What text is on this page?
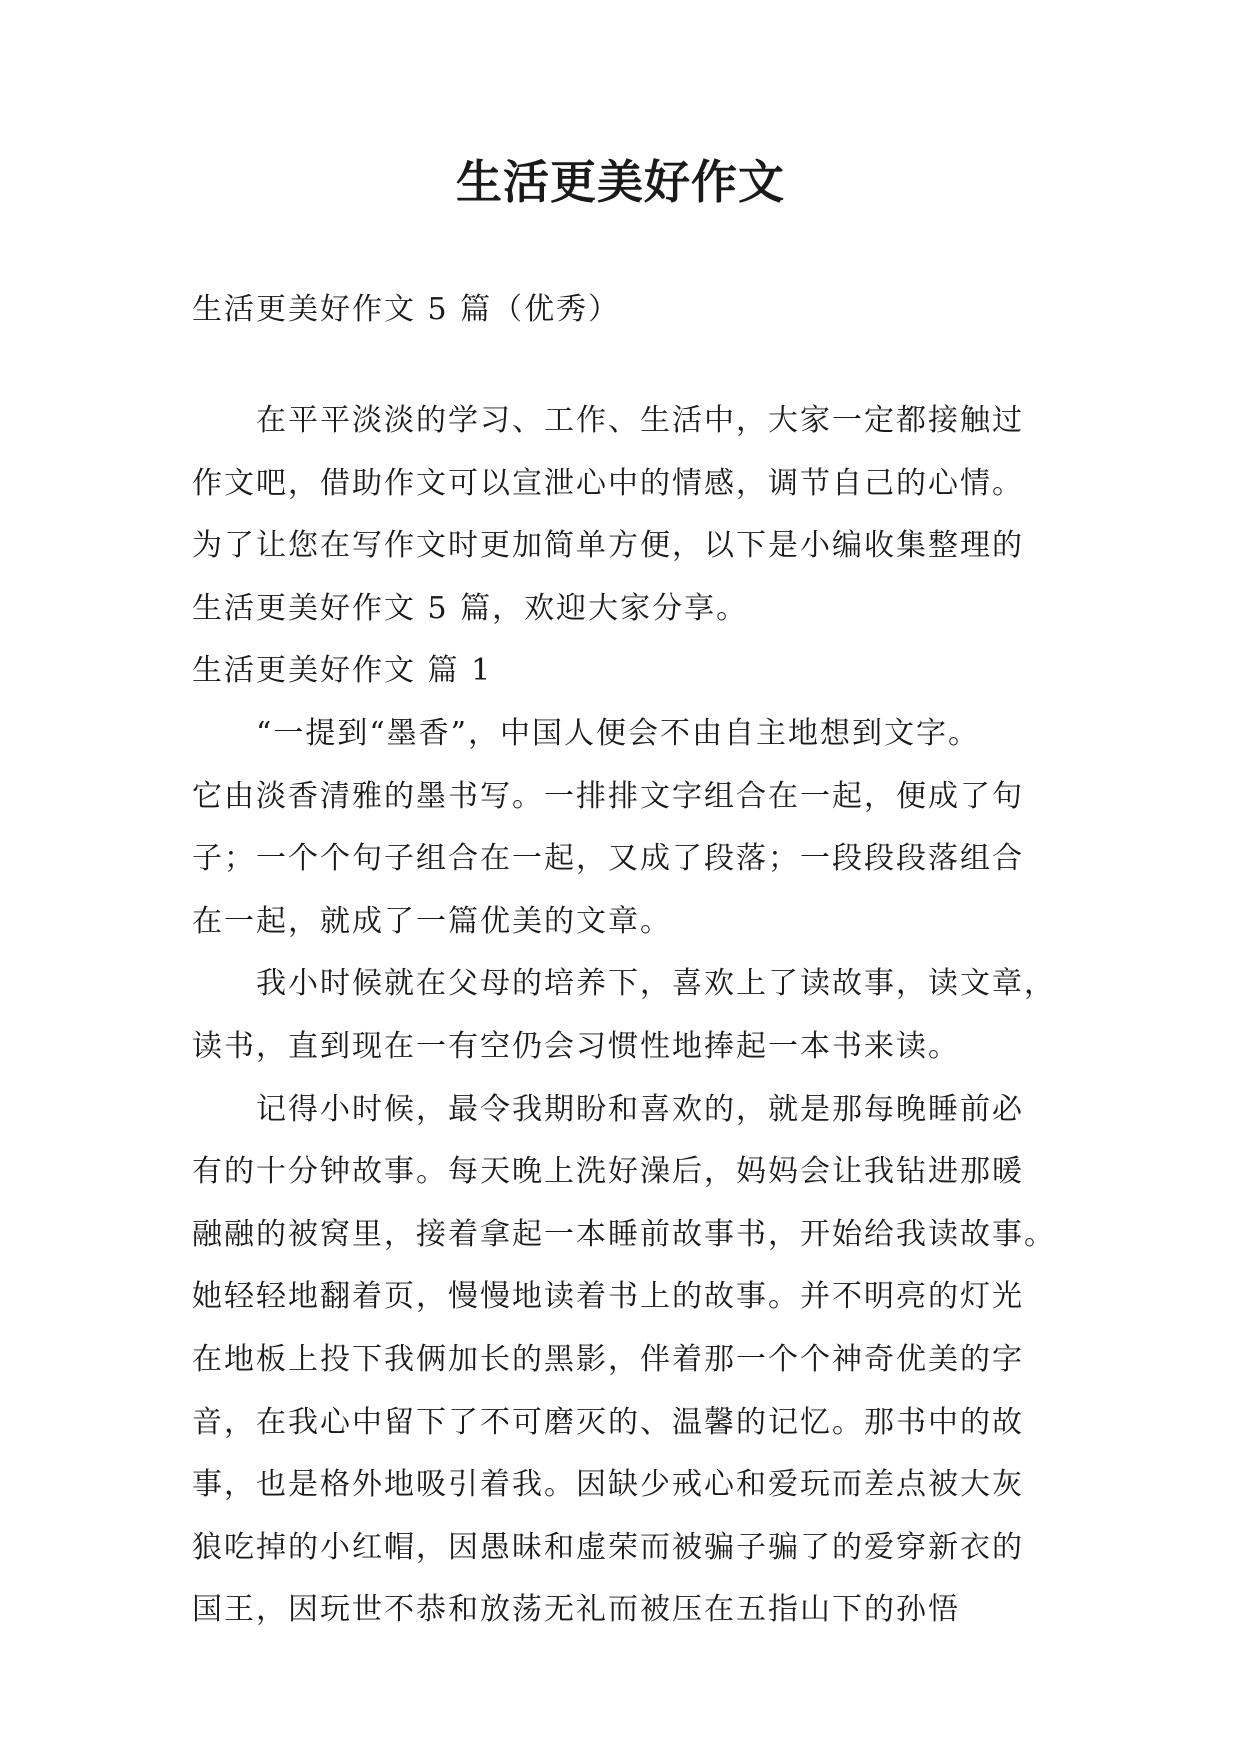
生活更美好作文
生活更美好作文 5 篇（优秀）
在平平淡淡的学习、工作、生活中，大家一定都接触过
作文吧，借助作文可以宣泄心中的情感，调节自己的心情。
为了让您在写作文时更加简单方便，以下是小编收集整理的
生活更美好作文 5 篇，欢迎大家分享。
生活更美好作文 篇 1
“一提到“墨香”，中国人便会不由自主地想到文字。
它由淡香清雅的墨书写。一排排文字组合在一起，便成了句
子；一个个句子组合在一起，又成了段落；一段段段落组合
在一起，就成了一篇优美的文章。
我小时候就在父母的培养下，喜欢上了读故事，读文章，
读书，直到现在一有空仍会习惯性地捧起一本书来读。
记得小时候，最令我期盼和喜欢的，就是那每晚睡前必
有的十分钟故事。每天晚上洗好澡后，妈妈会让我钻进那暖
融融的被窝里，接着拿起一本睡前故事书，开始给我读故事。
她轻轻地翻着页，慢慢地读着书上的故事。并不明亮的灯光
在地板上投下我俩加长的黑影，伴着那一个个神奇优美的字
音，在我心中留下了不可磨灭的、温馨的记忆。那书中的故
事，也是格外地吸引着我。因缺少戒心和爱玩而差点被大灰
狼吃掉的小红帽，因愚昧和虚荣而被骗子骗了的爱穿新衣的
国王，因玩世不恭和放荡无礼而被压在五指山下的孙悟
